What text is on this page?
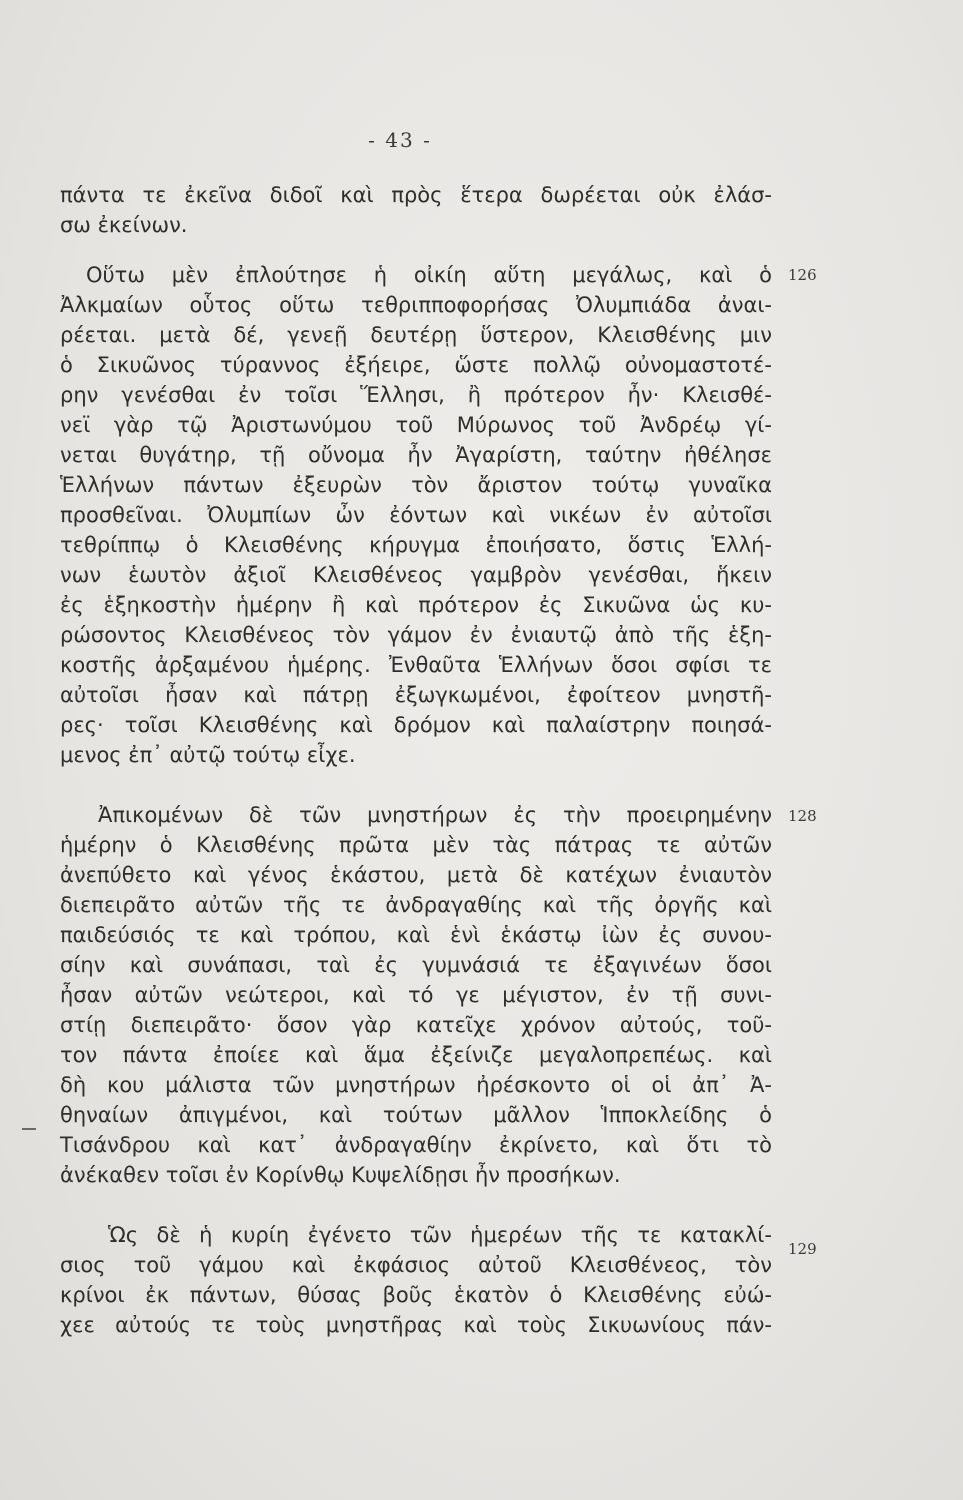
- 43 -
126
128
129
πάντα τε ἐκεῖνα διδοῖ καὶ πρὸς ἕτερα δωρέεται οὐκ ἐλάσ-
σω ἐκείνων.
Οὕτω μὲν ἐπλούτησε ἡ οἰκίη αὕτη μεγάλως, καὶ ὁ
Ἀλκμαίων οὗτος οὕτω τεθριπποφορήσας Ὀλυμπιάδα ἀναι-
ρέεται. μετὰ δέ, γενεῇ δευτέρῃ ὕστερον, Κλεισθένης μιν
ὁ Σικυῶνος τύραννος ἐξήειρε, ὥστε πολλῷ οὐνομαστοτέ-
ρην γενέσθαι ἐν τοῖσι Ἕλλησι, ἢ πρότερον ἦν· Κλεισθέ-
νεϊ γὰρ τῷ Ἀριστωνύμου τοῦ Μύρωνος τοῦ Ἀνδρέῳ γί-
νεται θυγάτηρ, τῇ οὔνομα ἦν Ἀγαρίστη, ταύτην ἠθέλησε
Ἑλλήνων πάντων ἐξευρὼν τὸν ἄριστον τούτῳ γυναῖκα
προσθεῖναι. Ὀλυμπίων ὦν ἐόντων καὶ νικέων ἐν αὐτοῖσι
τεθρίππῳ ὁ Κλεισθένης κήρυγμα ἐποιήσατο, ὅστις Ἑλλή-
νων ἑωυτὸν ἀξιοῖ Κλεισθένεος γαμβρὸν γενέσθαι, ἥκειν
ἐς ἑξηκοστὴν ἡμέρην ἢ καὶ πρότερον ἐς Σικυῶνα ὡς κυ-
ρώσοντος Κλεισθένεος τὸν γάμον ἐν ἐνιαυτῷ ἀπὸ τῆς ἑξη-
κοστῆς ἀρξαμένου ἡμέρης. Ἐνθαῦτα Ἑλλήνων ὅσοι σφίσι τε
αὐτοῖσι ἦσαν καὶ πάτρῃ ἐξωγκωμένοι, ἐφοίτεον μνηστῆ-
ρες· τοῖσι Κλεισθένης καὶ δρόμον καὶ παλαίστρην ποιησά-
μενος ἐπ᾽ αὐτῷ τούτῳ εἶχε.
Ἀπικομένων δὲ τῶν μνηστήρων ἐς τὴν προειρημένην
ἡμέρην ὁ Κλεισθένης πρῶτα μὲν τὰς πάτρας τε αὐτῶν
ἀνεπύθετο καὶ γένος ἑκάστου, μετὰ δὲ κατέχων ἐνιαυτὸν
διεπειρᾶτο αὐτῶν τῆς τε ἀνδραγαθίης καὶ τῆς ὀργῆς καὶ
παιδεύσιός τε καὶ τρόπου, καὶ ἑνὶ ἑκάστῳ ἰὼν ἐς συνου-
σίην καὶ συνάπασι, ταὶ ἐς γυμνάσιά τε ἐξαγινέων ὅσοι
ἦσαν αὐτῶν νεώτεροι, καὶ τό γε μέγιστον, ἐν τῇ συνι-
στίῃ διεπειρᾶτο· ὅσον γὰρ κατεῖχε χρόνον αὐτούς, τοῦ-
τον πάντα ἐποίεε καὶ ἅμα ἐξείνιζε μεγαλοπρεπέως. καὶ
δὴ κου μάλιστα τῶν μνηστήρων ἠρέσκοντο οἱ οἱ ἀπ᾽ Ἀ-
θηναίων ἀπιγμένοι, καὶ τούτων μᾶλλον Ἱπποκλείδης ὁ
Τισάνδρου καὶ κατ᾽ ἀνδραγαθίην ἐκρίνετο, καὶ ὅτι τὸ
ἀνέκαθεν τοῖσι ἐν Κορίνθῳ Κυψελίδῃσι ἦν προσήκων.
Ὡς δὲ ἡ κυρίη ἐγένετο τῶν ἡμερέων τῆς τε κατακλί-
σιος τοῦ γάμου καὶ ἐκφάσιος αὐτοῦ Κλεισθένεος, τὸν
κρίνοι ἐκ πάντων, θύσας βοῦς ἑκατὸν ὁ Κλεισθένης εὐώ-
χεε αὐτούς τε τοὺς μνηστῆρας καὶ τοὺς Σικυωνίους πάν-
